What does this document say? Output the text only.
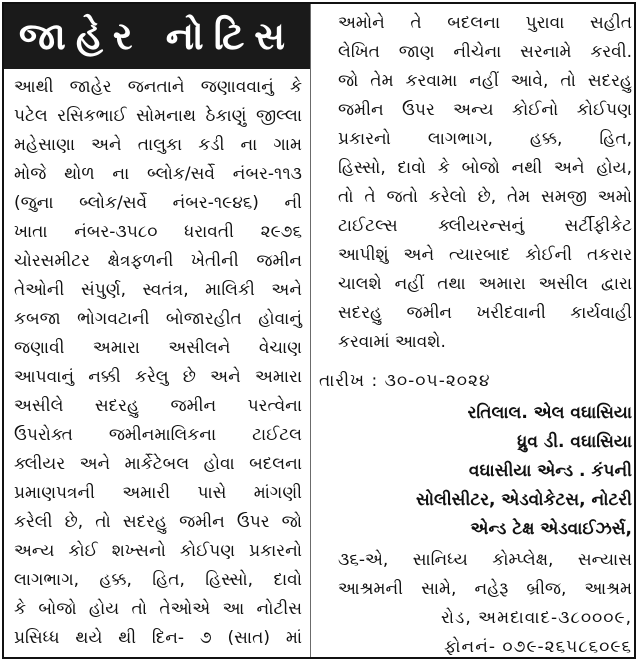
જાહેર નોટિસ
આથી જાહેર જનતાને જણાવવાનું કે
પટેલ રસિકભાઈ સોમનાથ ઠેકાણું જીલ્લા
મહેસાણા અને તાલુકા કડી ના ગામ
મોજે થોળ ના બ્લોક/સર્વે નંબર-૧૧૩
(જુના બ્લોક/સર્વે નંબર-૧૯૪૬) ની
ખાતા નંબર-૩૫૮૦ ધરાવતી ૨૯૭૬
ચોરસમીટર ક્ષેત્રફળની ખેતીની જમીન
તેઓની સંપુર્ણ, સ્વતંત્ર, માલિકી અને
કબજા ભોગવટાની બોજારહીત હોવાનું
જણાવી અમારા અસીલને વેચાણ
આપવાનું નક્કી કરેલુ છે અને અમારા
અસીલે સદરહુ જમીન પરત્વેના
ઉપરોક્ત જમીનમાલિકના ટાઈટલ
ક્લીયર અને માર્કેટેબલ હોવા બદલના
પ્રમાણપત્રની અમારી પાસે માંગણી
કરેલી છે, તો સદરહુ જમીન ઉપર જો
અન્ય કોઈ શખ્સનો કોઈપણ પ્રકારનો
લાગભાગ, હક્ક, હિત, હિસ્સો, દાવો
કે બોજો હોય તો તેઓએ આ નોટીસ
પ્રસિધ્ધ થયે થી દિન- ૭ (સાત) માં
અમોને તે બદલના પુરાવા સહીત
લેખિત જાણ નીચેના સરનામે કરવી.
જો તેમ કરવામા નહીં આવે, તો સદરહુ
જમીન ઉપર અન્ય કોઈનો કોઈપણ
પ્રકારનો લાગભાગ, હક્ક, હિત,
હિસ્સો, દાવો કે બોજો નથી અને હોય,
તો તે જતો કરેલો છે, તેમ સમજી અમો
ટાઈટલ્સ ક્લીયરન્સનું સર્ટીફીકેટ
આપીશું અને ત્યારબાદ કોઈની તકરાર
ચાલશે નહીં તથા અમારા અસીલ દ્વારા
સદરહુ જમીન ખરીદવાની કાર્યવાહી
કરવામાં આવશે.
તારીખ : ૩૦-૦૫-૨૦૨૪
રતિલાલ. એલ વઘાસિયા
ધ્રુવ ડી. વઘાસિયા
વઘાસીયા એન્ડ . કંપની
સોલીસીટર, એડવોકેટસ, નોટરી
એન્ડ ટેક્ષ એડવાઈઝર્સ,
૩૬-એ, સાનિધ્ય કોમ્પ્લેક્ષ, સન્યાસ
આશ્રમની સામે, નહેરૂ બ્રીજ, આશ્રમ
રોડ, અમદાવાદ-૩૮૦૦૦૯,
ફોનનં- ૦૭૯-૨૬૫૮૬૦૯૬
